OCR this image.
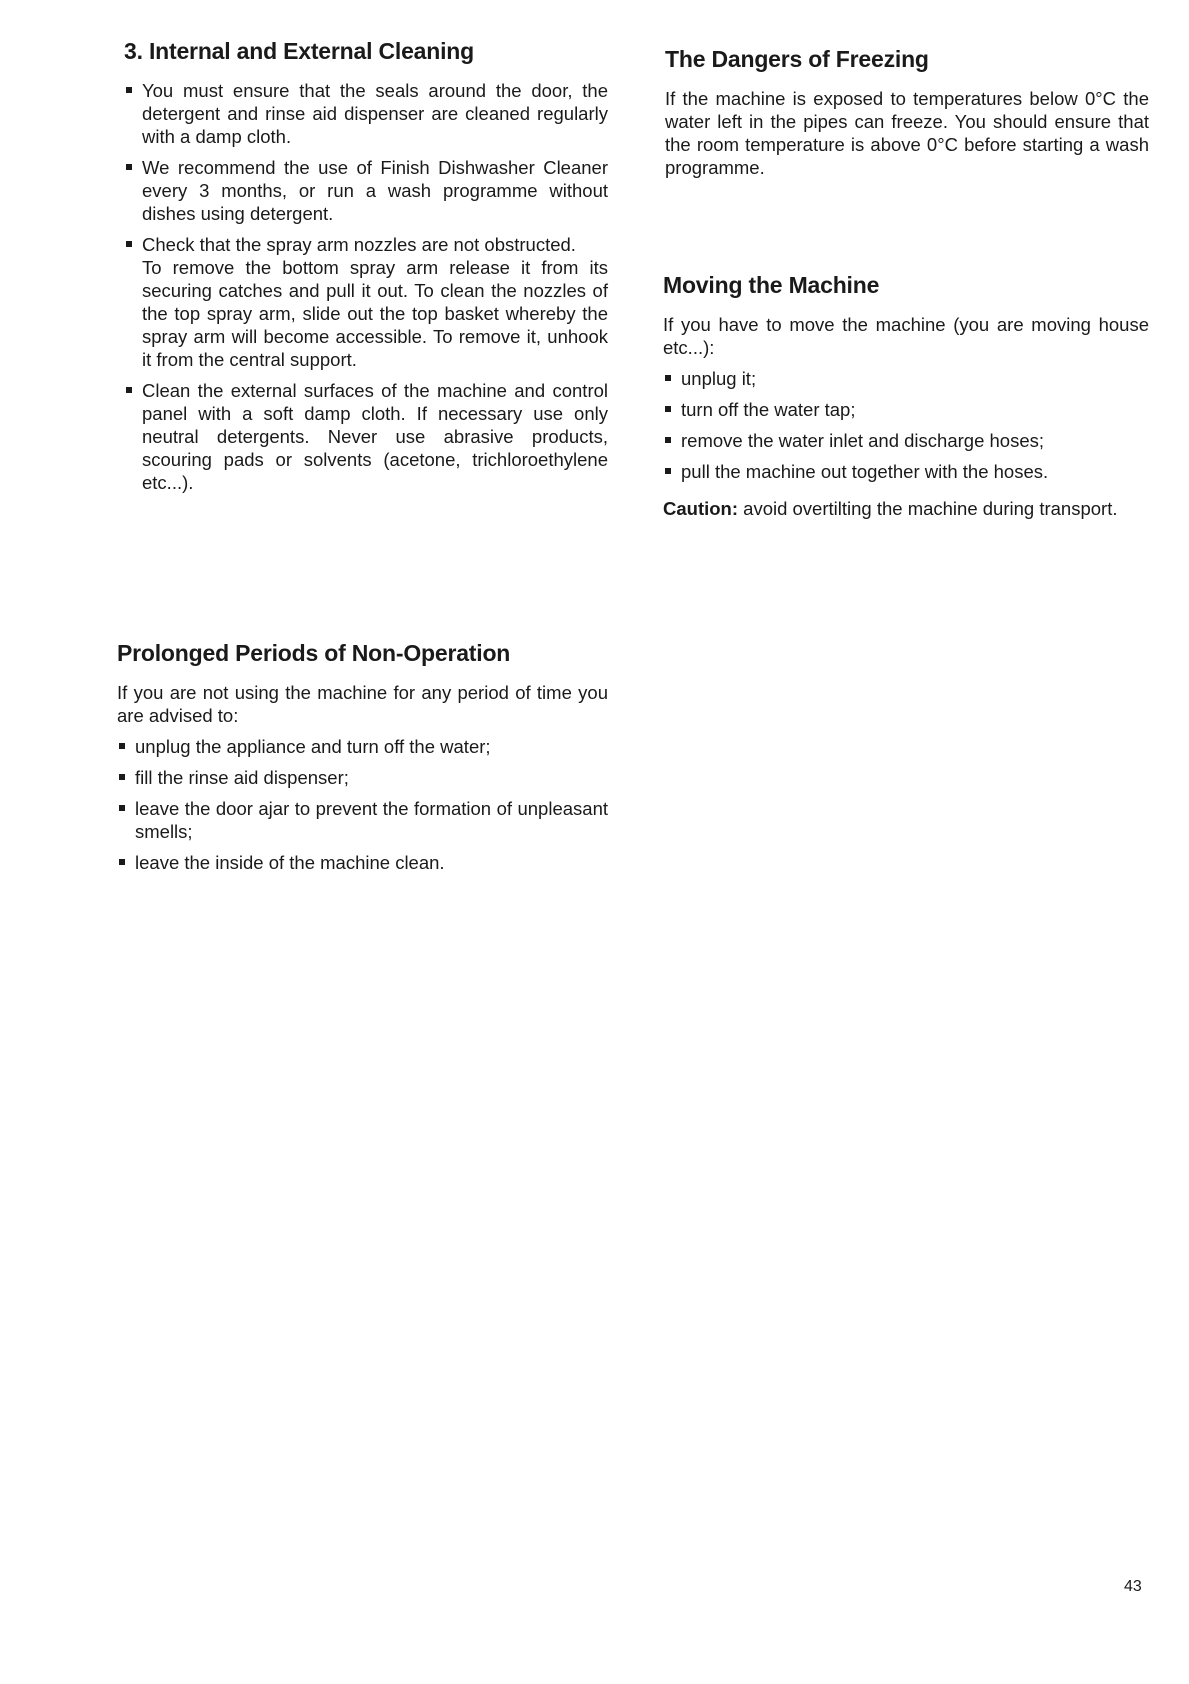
3. Internal and External Cleaning
You must ensure that the seals around the door, the detergent and rinse aid dispenser are cleaned regularly with a damp cloth.
We recommend the use of Finish Dishwasher Cleaner every 3 months, or run a wash programme without dishes using detergent.
Check that the spray arm nozzles are not obstructed.
To remove the bottom spray arm release it from its securing catches and pull it out. To clean the nozzles of the top spray arm, slide out the top basket whereby the spray arm will become accessible. To remove it, unhook it from the central support.
Clean the external surfaces of the machine and control panel with a soft damp cloth. If necessary use only neutral detergents. Never use abrasive products, scouring pads or solvents (acetone, trichloroethylene etc...).
Prolonged Periods of Non-Operation

If you are not using the machine for any period of time you are advised to:

unplug the appliance and turn off the water;
fill the rinse aid dispenser;
leave the door ajar to prevent the formation of unpleasant smells;
leave the inside of the machine clean.
The Dangers of Freezing

If the machine is exposed to temperatures below 0°C the water left in the pipes can freeze. You should ensure that the room temperature is above 0°C before starting a wash programme.

Moving the Machine

If you have to move the machine (you are moving house etc...):

unplug it;
turn off the water tap;
remove the water inlet and discharge hoses;
pull the machine out together with the hoses.

Caution: avoid overtilting the machine during transport.

43
